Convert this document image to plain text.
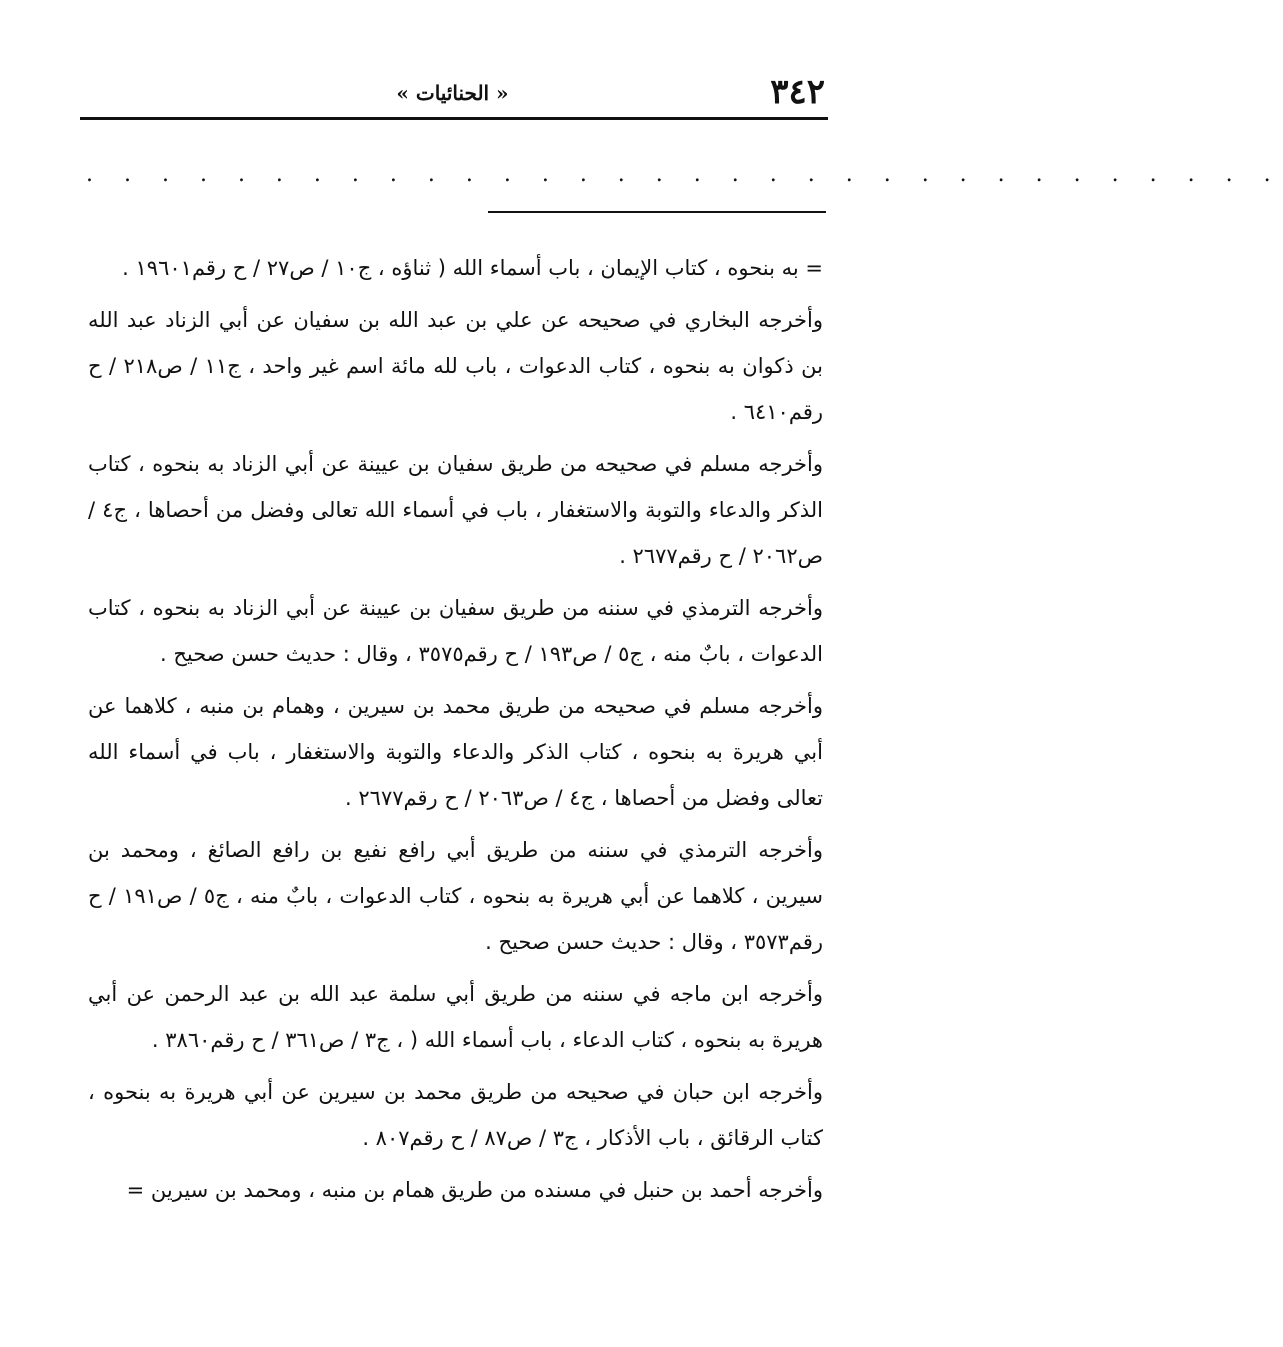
٣٤٢
« الحنائيات »
. . . . . . . . . . . . . . . . . . . . . . . . . . . . . . . .

= به بنحوه ، كتاب الإيمان ، باب أسماء الله ( ثناؤه ، ج١٠ / ص٢٧ / ح رقم١٩٦٠١ .

وأخرجه البخاري في صحيحه عن علي بن عبد الله بن سفيان عن أبي الزناد عبد الله بن ذكوان به بنحوه ، كتاب الدعوات ، باب لله مائة اسم غير واحد ، ج١١ / ص٢١٨ / ح رقم٦٤١٠ .

وأخرجه مسلم في صحيحه من طريق سفيان بن عيينة عن أبي الزناد به بنحوه ، كتاب الذكر والدعاء والتوبة والاستغفار ، باب في أسماء الله تعالى وفضل من أحصاها ، ج٤ / ص٢٠٦٢ / ح رقم٢٦٧٧ .

وأخرجه الترمذي في سننه من طريق سفيان بن عيينة عن أبي الزناد به بنحوه ، كتاب الدعوات ، بابٌ منه ، ج٥ / ص١٩٣ / ح رقم٣٥٧٥ ، وقال : حديث حسن صحيح .

وأخرجه مسلم في صحيحه من طريق محمد بن سيرين ، وهمام بن منبه ، كلاهما عن أبي هريرة به بنحوه ، كتاب الذكر والدعاء والتوبة والاستغفار ، باب في أسماء الله تعالى وفضل من أحصاها ، ج٤ / ص٢٠٦٣ / ح رقم٢٦٧٧ .

وأخرجه الترمذي في سننه من طريق أبي رافع نفيع بن رافع الصائغ ، ومحمد بن سيرين ، كلاهما عن أبي هريرة به بنحوه ، كتاب الدعوات ، بابٌ منه ، ج٥ / ص١٩١ / ح رقم٣٥٧٣ ، وقال : حديث حسن صحيح .

وأخرجه ابن ماجه في سننه من طريق أبي سلمة عبد الله بن عبد الرحمن عن أبي هريرة به بنحوه ، كتاب الدعاء ، باب أسماء الله ( ، ج٣ / ص٣٦١ / ح رقم٣٨٦٠ .

وأخرجه ابن حبان في صحيحه من طريق محمد بن سيرين عن أبي هريرة به بنحوه ، كتاب الرقائق ، باب الأذكار ، ج٣ / ص٨٧ / ح رقم٨٠٧ .

وأخرجه أحمد بن حنبل في مسنده من طريق همام بن منبه ، ومحمد بن سيرين =
